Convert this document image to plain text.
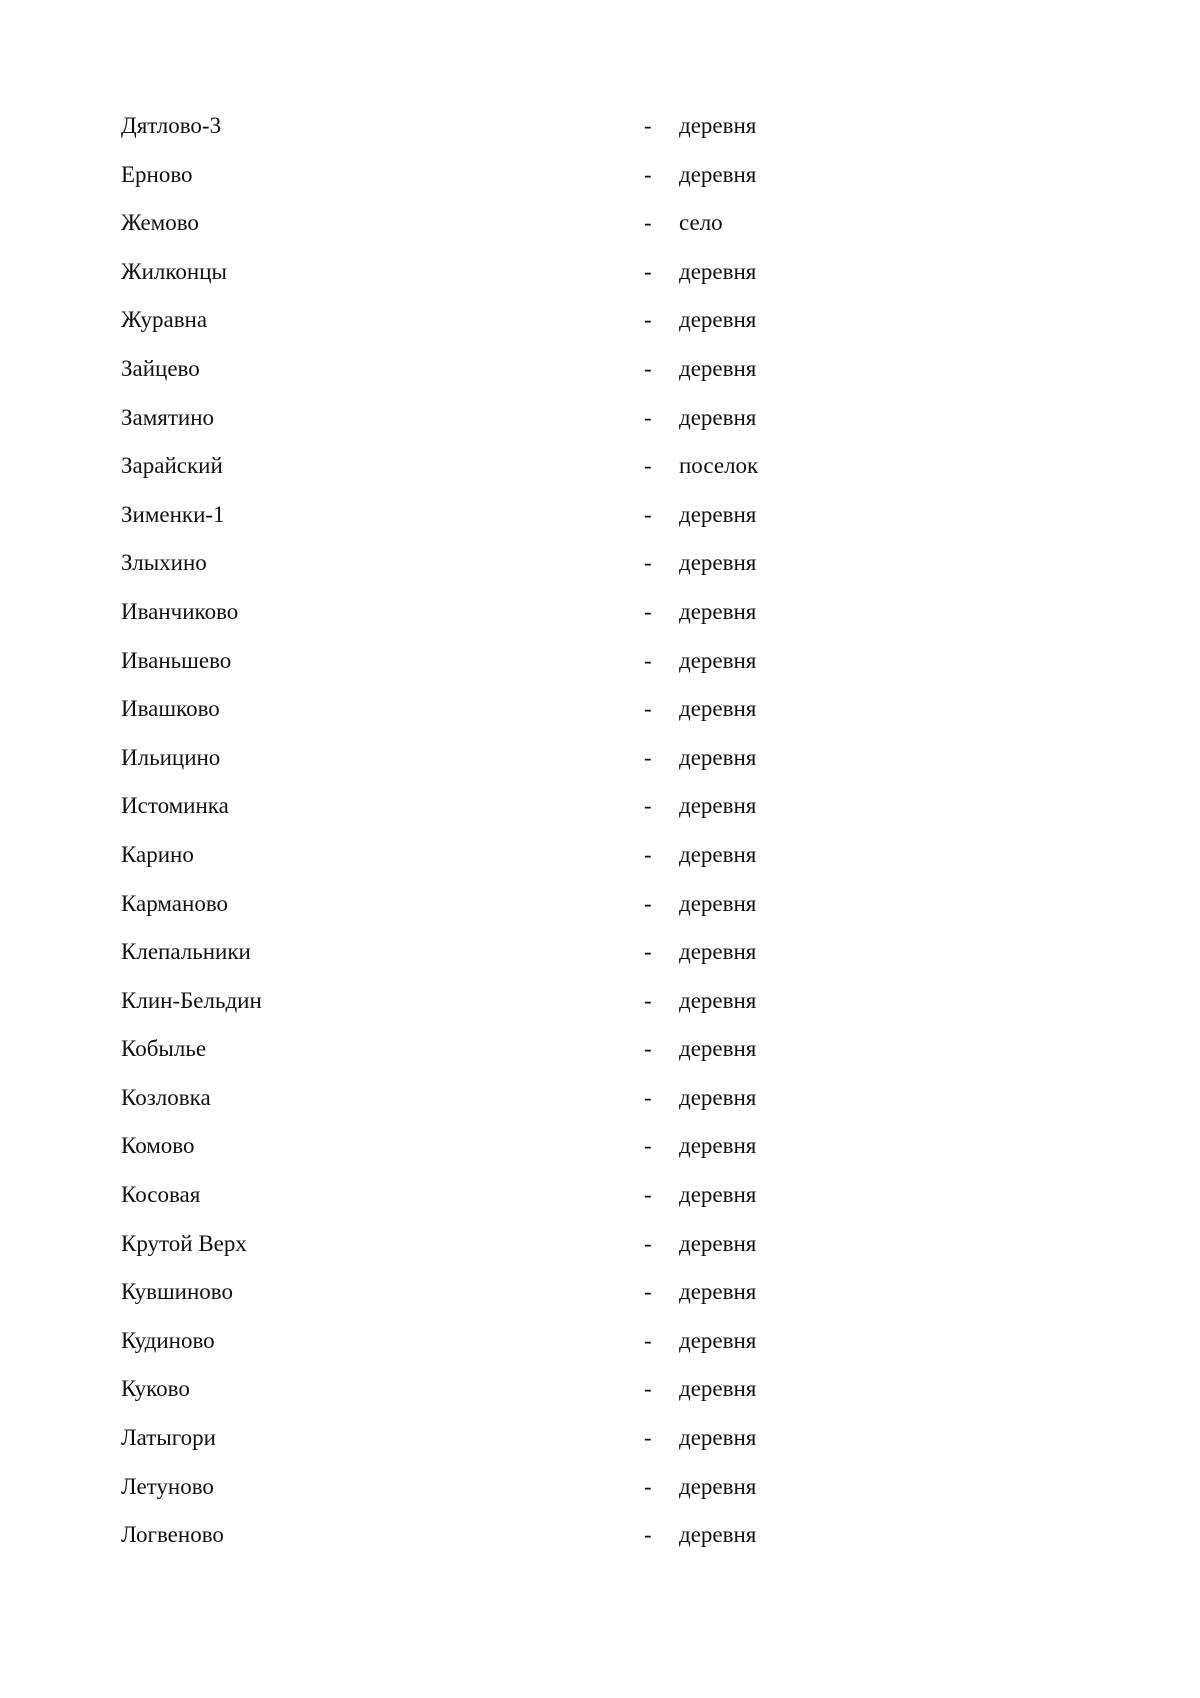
Дятлово-3	- деревня
Ерново	- деревня
Жемово	- село
Жилконцы	- деревня
Журавна	- деревня
Зайцево	- деревня
Замятино	- деревня
Зарайский	- поселок
Зименки-1	- деревня
Злыхино	- деревня
Иванчиково	- деревня
Иваньшево	- деревня
Ивашково	- деревня
Ильицино	- деревня
Истоминка	- деревня
Карино	- деревня
Карманово	- деревня
Клепальники	- деревня
Клин-Бельдин	- деревня
Кобылье	- деревня
Козловка	- деревня
Комово	- деревня
Косовая	- деревня
Крутой Верх	- деревня
Кувшиново	- деревня
Кудиново	- деревня
Куково	- деревня
Латыгори	- деревня
Летуново	- деревня
Логвеново	- деревня
